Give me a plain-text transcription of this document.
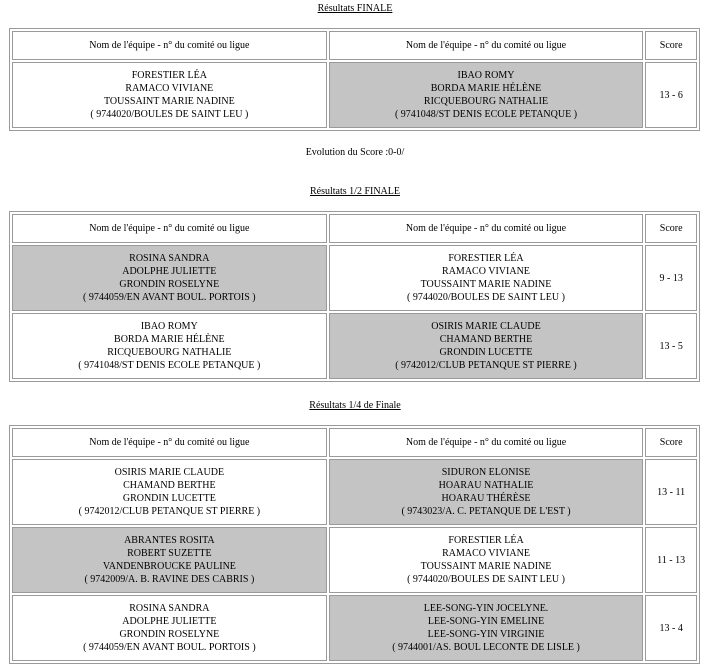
Résultats FINALE
Nom de l'équipe - n° du comité ou ligue	Nom de l'équipe - n° du comité ou ligue	Score

FORESTIER LÉA
RAMACO VIVIANE
TOUSSAINT MARIE NADINE
( 9744020/BOULES DE SAINT LEU )	IBAO ROMY
BORDA MARIE HÉLÈNE
RICQUEBOURG NATHALIE
( 9741048/ST DENIS ECOLE PETANQUE )	13 - 6
Evolution du Score :0-0/
Résultats 1/2 FINALE
Nom de l'équipe - n° du comité ou ligue	Nom de l'équipe - n° du comité ou ligue	Score

ROSINA SANDRA
ADOLPHE JULIETTE
GRONDIN ROSELYNE
( 9744059/EN AVANT BOUL. PORTOIS )	FORESTIER LÉA
RAMACO VIVIANE
TOUSSAINT MARIE NADINE
( 9744020/BOULES DE SAINT LEU )	9 - 13

IBAO ROMY
BORDA MARIE HÉLÈNE
RICQUEBOURG NATHALIE
( 9741048/ST DENIS ECOLE PETANQUE )	OSIRIS MARIE CLAUDE
CHAMAND BERTHE
GRONDIN LUCETTE
( 9742012/CLUB PETANQUE ST PIERRE )	13 - 5
Résultats 1/4 de Finale
Nom de l'équipe - n° du comité ou ligue	Nom de l'équipe - n° du comité ou ligue	Score

OSIRIS MARIE CLAUDE
CHAMAND BERTHE
GRONDIN LUCETTE
( 9742012/CLUB PETANQUE ST PIERRE )	SIDURON ELONISE
HOARAU NATHALIE
HOARAU THÉRÈSE
( 9743023/A. C. PETANQUE DE L'EST )	13 - 11

ABRANTES ROSITA
ROBERT SUZETTE
VANDENBROUCKE PAULINE
( 9742009/A. B. RAVINE DES CABRIS )	FORESTIER LÉA
RAMACO VIVIANE
TOUSSAINT MARIE NADINE
( 9744020/BOULES DE SAINT LEU )	11 - 13

ROSINA SANDRA
ADOLPHE JULIETTE
GRONDIN ROSELYNE
( 9744059/EN AVANT BOUL. PORTOIS )	LEE-SONG-YIN JOCELYNE.
LEE-SONG-YIN EMELINE
LEE-SONG-YIN VIRGINIE
( 9744001/AS. BOUL LECONTE DE LISLE )	13 - 4
